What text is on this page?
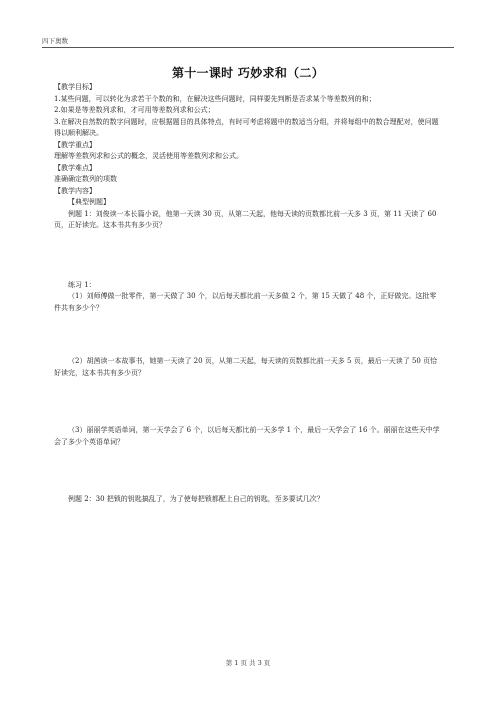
四下奥数
第十一课时 巧妙求和（二）

【教学目标】

1.某些问题，可以转化为求若干个数的和，在解决这些问题时，同样要先判断是否求某个等差数列的和；

2.如果是等差数列求和，才可用等差数列求和公式；

3.在解决自然数的数字问题时，应根据题目的具体特点，有时可考虑将题中的数适当分组，并将每组中的数合理配对，使问题得以顺利解决。

【教学重点】

理解等差数列求和公式的概念，灵活使用等差数列求和公式。

【教学难点】

准确确定数列的项数

【教学内容】

【典型例题】

例题 1：刘俊读一本长篇小说，他第一天读 30 页，从第二天起，他每天读的页数都比前一天多 3 页，第 11 天读了 60 页，正好读完。这本书共有多少页？

练习 1：

（1）刘师傅做一批零件，第一天做了 30 个，以后每天都比前一天多做 2 个，第 15 天做了 48 个，正好做完。这批零件共有多少个？

（2）胡茜读一本故事书，她第一天读了 20 页，从第二天起，每天读的页数都比前一天多 5 页，最后一天读了 50 页恰好读完，这本书共有多少页？

（3）丽丽学英语单词，第一天学会了 6 个，以后每天都比前一天多学 1 个，最后一天学会了 16 个。丽丽在这些天中学会了多少个英语单词？

例题 2：30 把锁的钥匙搞乱了，为了使每把锁都配上自己的钥匙，至多要试几次？

第 1 页 共 3 页
